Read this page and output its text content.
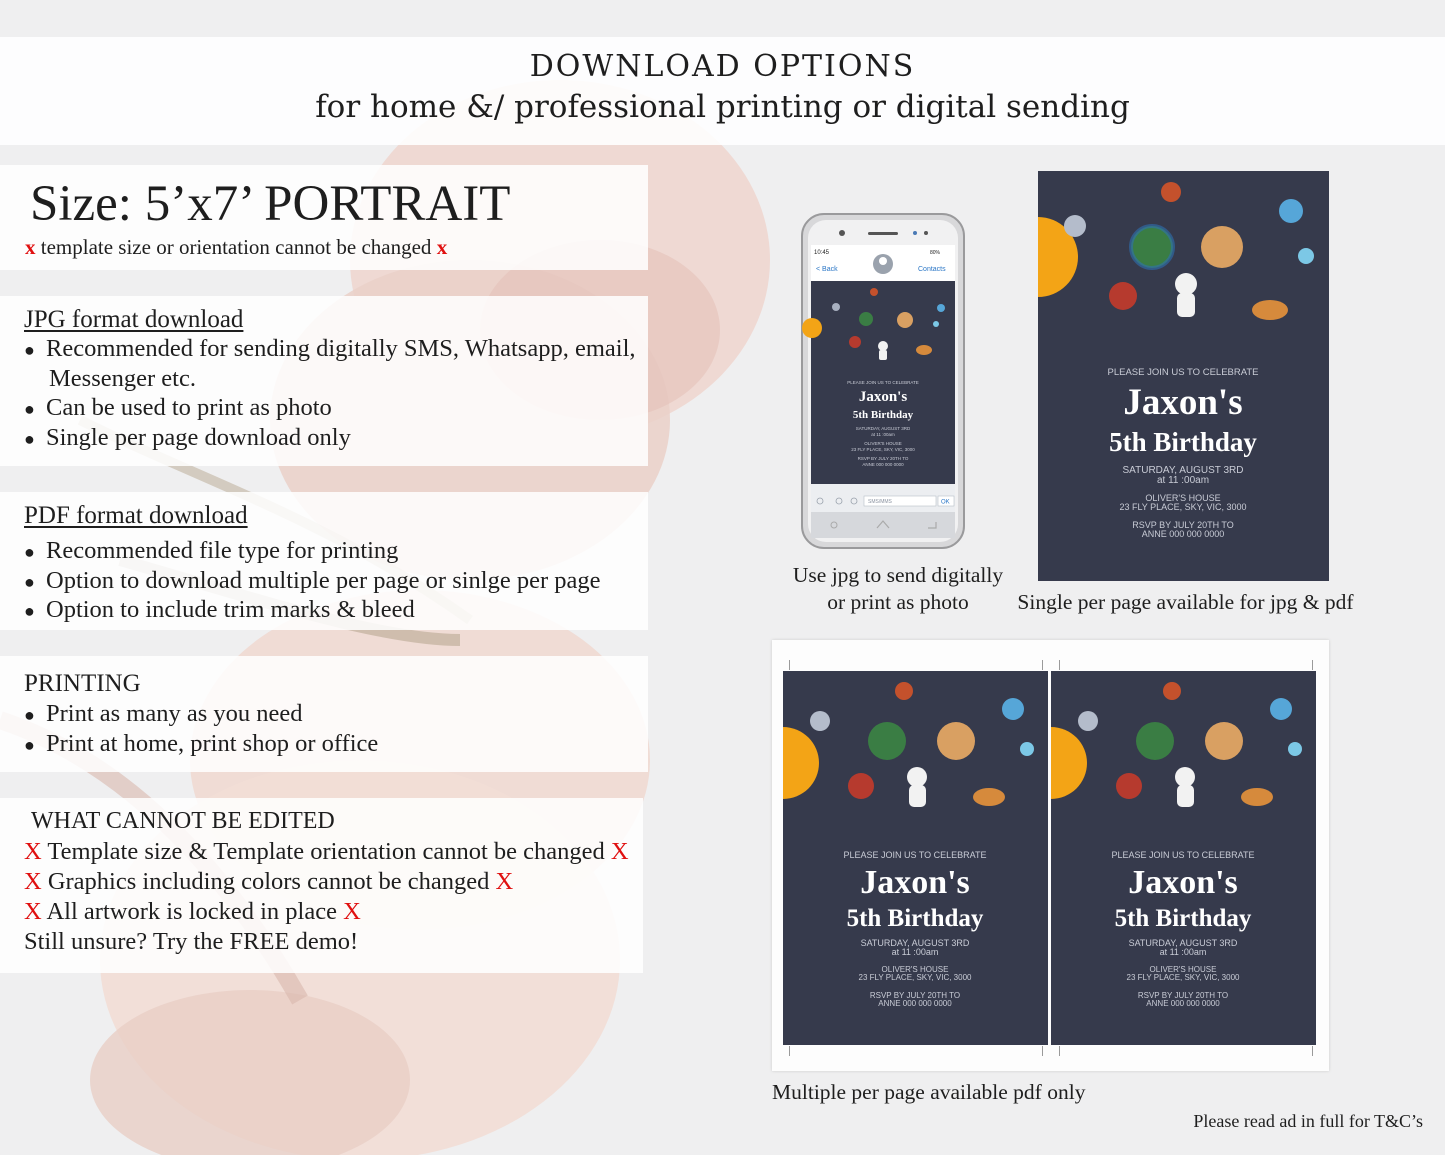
DOWNLOAD OPTIONS
for home &/ professional printing or digital sending
Size: 5’x7’ PORTRAIT
x template size or orientation cannot be changed x
JPG format download
● Recommended for sending digitally SMS, Whatsapp, email,
Messenger etc.
● Can be used to print as photo
● Single per page download only
PDF format download
● Recommended file type for printing
● Option to download multiple per page or sinlge per page
● Option to include trim marks & bleed
PRINTING
● Print as many as you need
● Print at home, print shop or office
WHAT CANNOT BE EDITED
X Template size & Template orientation cannot be changed X
X Graphics including colors cannot be changed X
X All artwork is locked in place X
Still unsure? Try the FREE demo!
10:45	80%
< Back	Contacts
PLEASE JOIN US TO CELEBRATE
Jaxon's
5th Birthday
SATURDAY, AUGUST 3RD
at 11 :00am
OLIVER'S HOUSE
23 FLY PLACE, SKY, VIC, 3000
RSVP BY JULY 20TH TO
ANNE 000 000 0000
SMS/MMS	OK
PLEASE JOIN US TO CELEBRATE
Jaxon's
5th Birthday
SATURDAY, AUGUST 3RD
at 11 :00am
OLIVER'S HOUSE
23 FLY PLACE, SKY, VIC, 3000
RSVP BY JULY 20TH TO
ANNE 000 000 0000
Use jpg to send digitally
or print as photo	Single per page available for jpg & pdf
PLEASE JOIN US TO CELEBRATE
Jaxon's
5th Birthday
SATURDAY, AUGUST 3RD
at 11 :00am
OLIVER'S HOUSE
23 FLY PLACE, SKY, VIC, 3000
RSVP BY JULY 20TH TO
ANNE 000 000 0000
PLEASE JOIN US TO CELEBRATE
Jaxon's
5th Birthday
SATURDAY, AUGUST 3RD
at 11 :00am
OLIVER'S HOUSE
23 FLY PLACE, SKY, VIC, 3000
RSVP BY JULY 20TH TO
ANNE 000 000 0000
Multiple per page available pdf only
Please read ad in full for T&C’s
